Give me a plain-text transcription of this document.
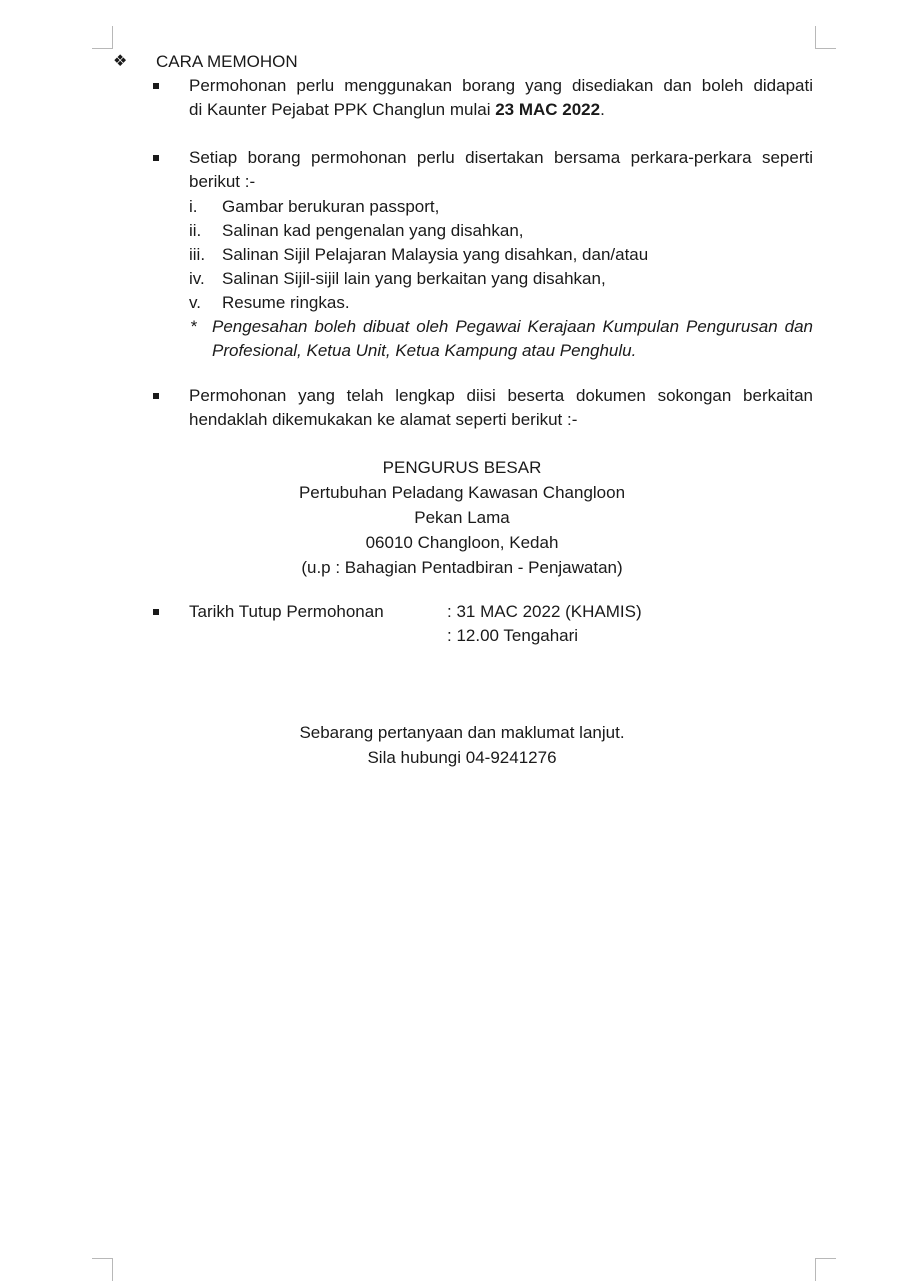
❖ CARA MEMOHON
Permohonan perlu menggunakan borang yang disediakan dan boleh didapati
di Kaunter Pejabat PPK Changlun mulai 23 MAC 2022.
Setiap borang permohonan perlu disertakan bersama perkara-perkara seperti
berikut :-
i. Gambar berukuran passport,
ii. Salinan kad pengenalan yang disahkan,
iii. Salinan Sijil Pelajaran Malaysia yang disahkan, dan/atau
iv. Salinan Sijil-sijil lain yang berkaitan yang disahkan,
v. Resume ringkas.
* Pengesahan boleh dibuat oleh Pegawai Kerajaan Kumpulan Pengurusan dan
Profesional, Ketua Unit, Ketua Kampung atau Penghulu.
Permohonan yang telah lengkap diisi beserta dokumen sokongan berkaitan
hendaklah dikemukakan ke alamat seperti berikut :-
PENGURUS BESAR
Pertubuhan Peladang Kawasan Changloon
Pekan Lama
06010 Changloon, Kedah
(u.p : Bahagian Pentadbiran - Penjawatan)
Tarikh Tutup Permohonan	: 31 MAC 2022 (KHAMIS)
: 12.00 Tengahari
Sebarang pertanyaan dan maklumat lanjut.
Sila hubungi 04-9241276
